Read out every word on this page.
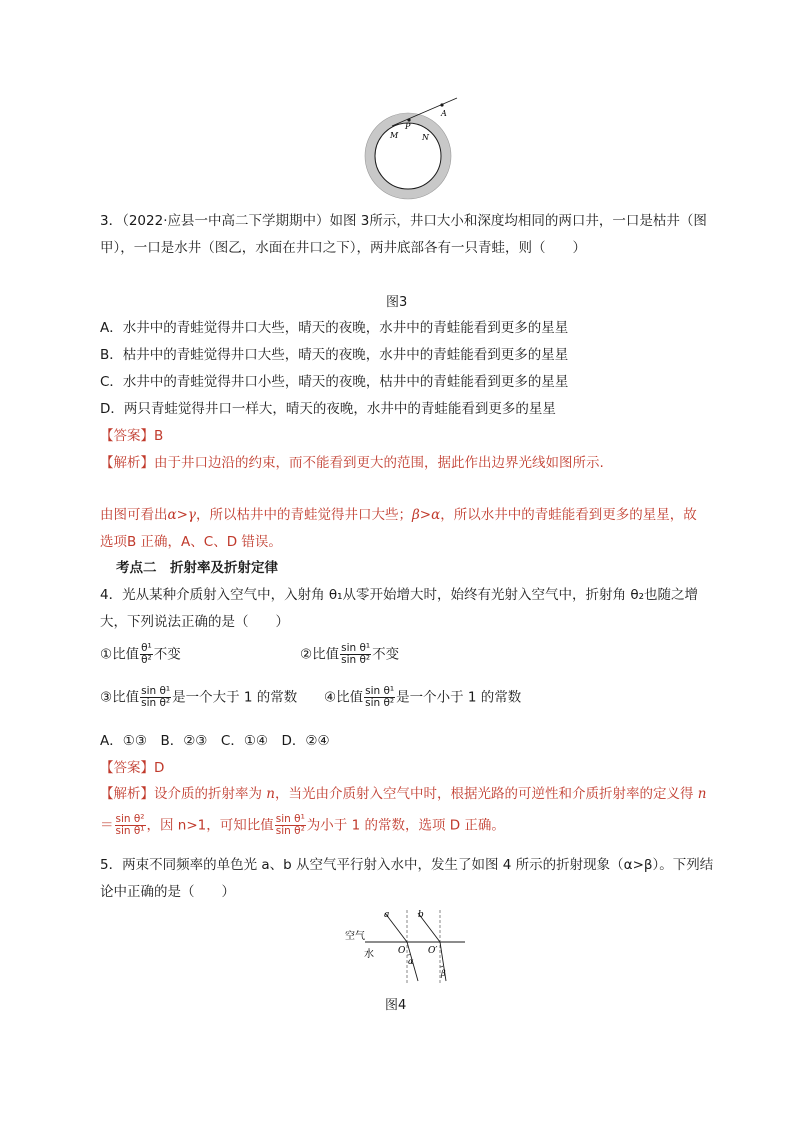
A
P
M	N
3．（2022·应县一中高二下学期期中）如图 3所示，井口大小和深度均相同的两口井，一口是枯井（图
甲），一口是水井（图乙，水面在井口之下），两井底部各有一只青蛙，则（　　）
图3
A．水井中的青蛙觉得井口大些，晴天的夜晚，水井中的青蛙能看到更多的星星
B．枯井中的青蛙觉得井口大些，晴天的夜晚，水井中的青蛙能看到更多的星星
C．水井中的青蛙觉得井口小些，晴天的夜晚，枯井中的青蛙能看到更多的星星
D．两只青蛙觉得井口一样大，晴天的夜晚，水井中的青蛙能看到更多的星星
【答案】B
【解析】由于井口边沿的约束，而不能看到更大的范围，据此作出边界光线如图所示.
由图可看出α>γ，所以枯井中的青蛙觉得井口大些；β>α，所以水井中的青蛙能看到更多的星星，故
选项B 正确，A、C、D 错误。
考点二　折射率及折射定律
4．光从某种介质射入空气中，入射角 θ₁从零开始增大时，始终有光射入空气中，折射角 θ₂也随之增
大，下列说法正确的是（　　）
①比值 $\frac{\text{θ¹}}{\text{θ²}}$ 不变	②比值 $\frac{\text{sin θ¹}}{\text{sin θ²}}$ 不变
③比值 $\frac{\text{sin θ¹}}{\text{sin θ²}}$ 是一个大于 1 的常数 ④比值 $\frac{\text{sin θ¹}}{\text{sin θ²}}$ 是一个小于 1 的常数
A．①③　B．②③　C．①④　D．②④
【答案】D
【解析】设介质的折射率为 n，当光由介质射入空气中时，根据光路的可逆性和介质折射率的定义得 n
＝ $\frac{\text{sin θ²}}{\text{sin θ¹}}$ ，因 n>1，可知比值 $\frac{\text{sin θ¹}}{\text{sin θ²}}$ 为小于 1 的常数，选项 D 正确。
5．两束不同频率的单色光 a、b 从空气平行射入水中，发生了如图 4 所示的折射现象（α>β）。下列结
论中正确的是（　　）
空气
水
a	b
O	O′
α
β
图4
